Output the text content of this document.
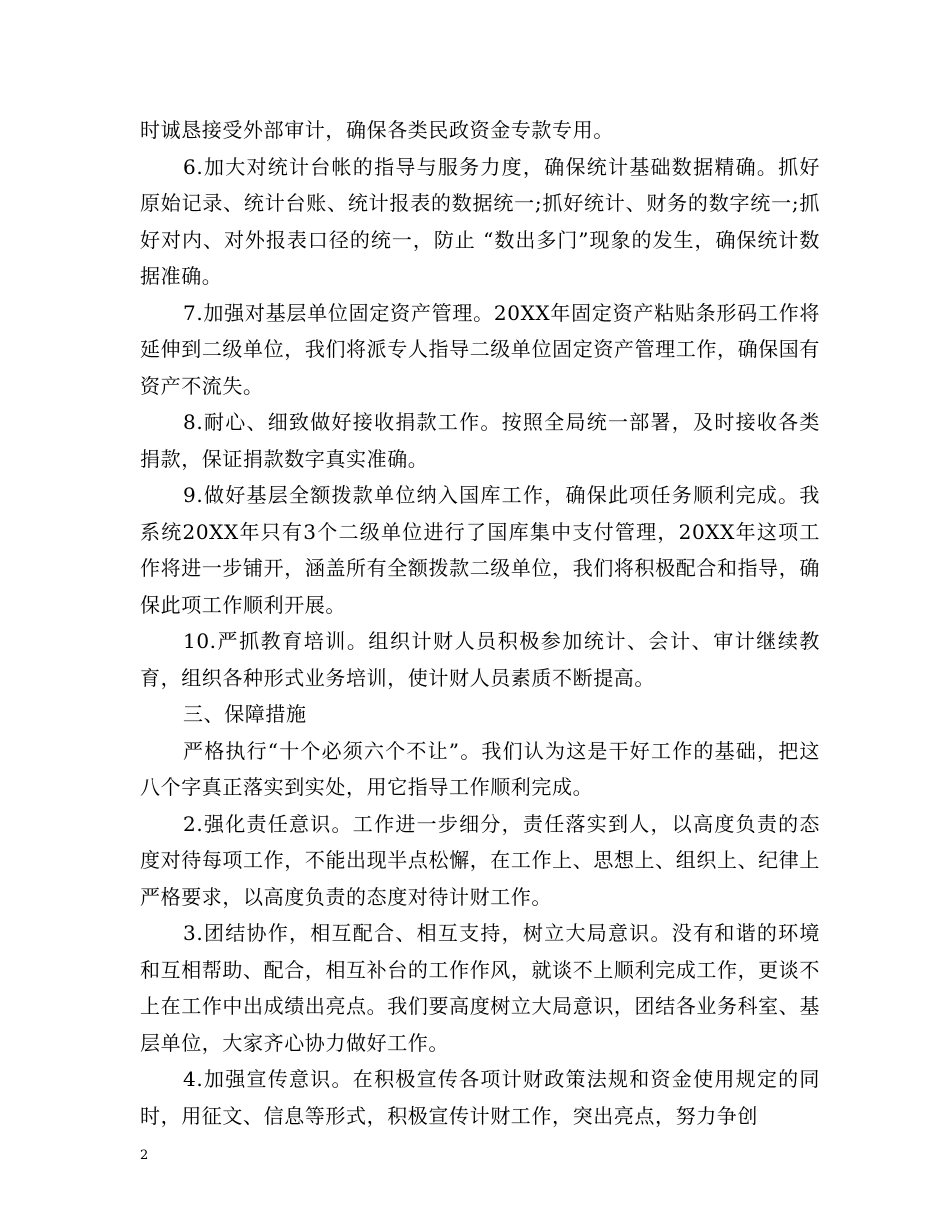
时诚恳接受外部审计，确保各类民政资金专款专用。

6.加大对统计台帐的指导与服务力度，确保统计基础数据精确。抓好原始记录、统计台账、统计报表的数据统一;抓好统计、财务的数字统一;抓好对内、对外报表口径的统一，防止 “数出多门”现象的发生，确保统计数据准确。

7.加强对基层单位固定资产管理。20XX年固定资产粘贴条形码工作将延伸到二级单位，我们将派专人指导二级单位固定资产管理工作，确保国有资产不流失。

8.耐心、细致做好接收捐款工作。按照全局统一部署，及时接收各类捐款，保证捐款数字真实准确。

9.做好基层全额拨款单位纳入国库工作，确保此项任务顺利完成。我系统20XX年只有3个二级单位进行了国库集中支付管理，20XX年这项工作将进一步铺开，涵盖所有全额拨款二级单位，我们将积极配合和指导，确保此项工作顺利开展。

10.严抓教育培训。组织计财人员积极参加统计、会计、审计继续教育，组织各种形式业务培训，使计财人员素质不断提高。

三、保障措施

严格执行“十个必须六个不让”。我们认为这是干好工作的基础，把这八个字真正落实到实处，用它指导工作顺利完成。

2.强化责任意识。工作进一步细分，责任落实到人，以高度负责的态度对待每项工作，不能出现半点松懈，在工作上、思想上、组织上、纪律上严格要求，以高度负责的态度对待计财工作。

3.团结协作，相互配合、相互支持，树立大局意识。没有和谐的环境和互相帮助、配合，相互补台的工作作风，就谈不上顺利完成工作，更谈不上在工作中出成绩出亮点。我们要高度树立大局意识，团结各业务科室、基层单位，大家齐心协力做好工作。

4.加强宣传意识。在积极宣传各项计财政策法规和资金使用规定的同时，用征文、信息等形式，积极宣传计财工作，突出亮点，努力争创

2
